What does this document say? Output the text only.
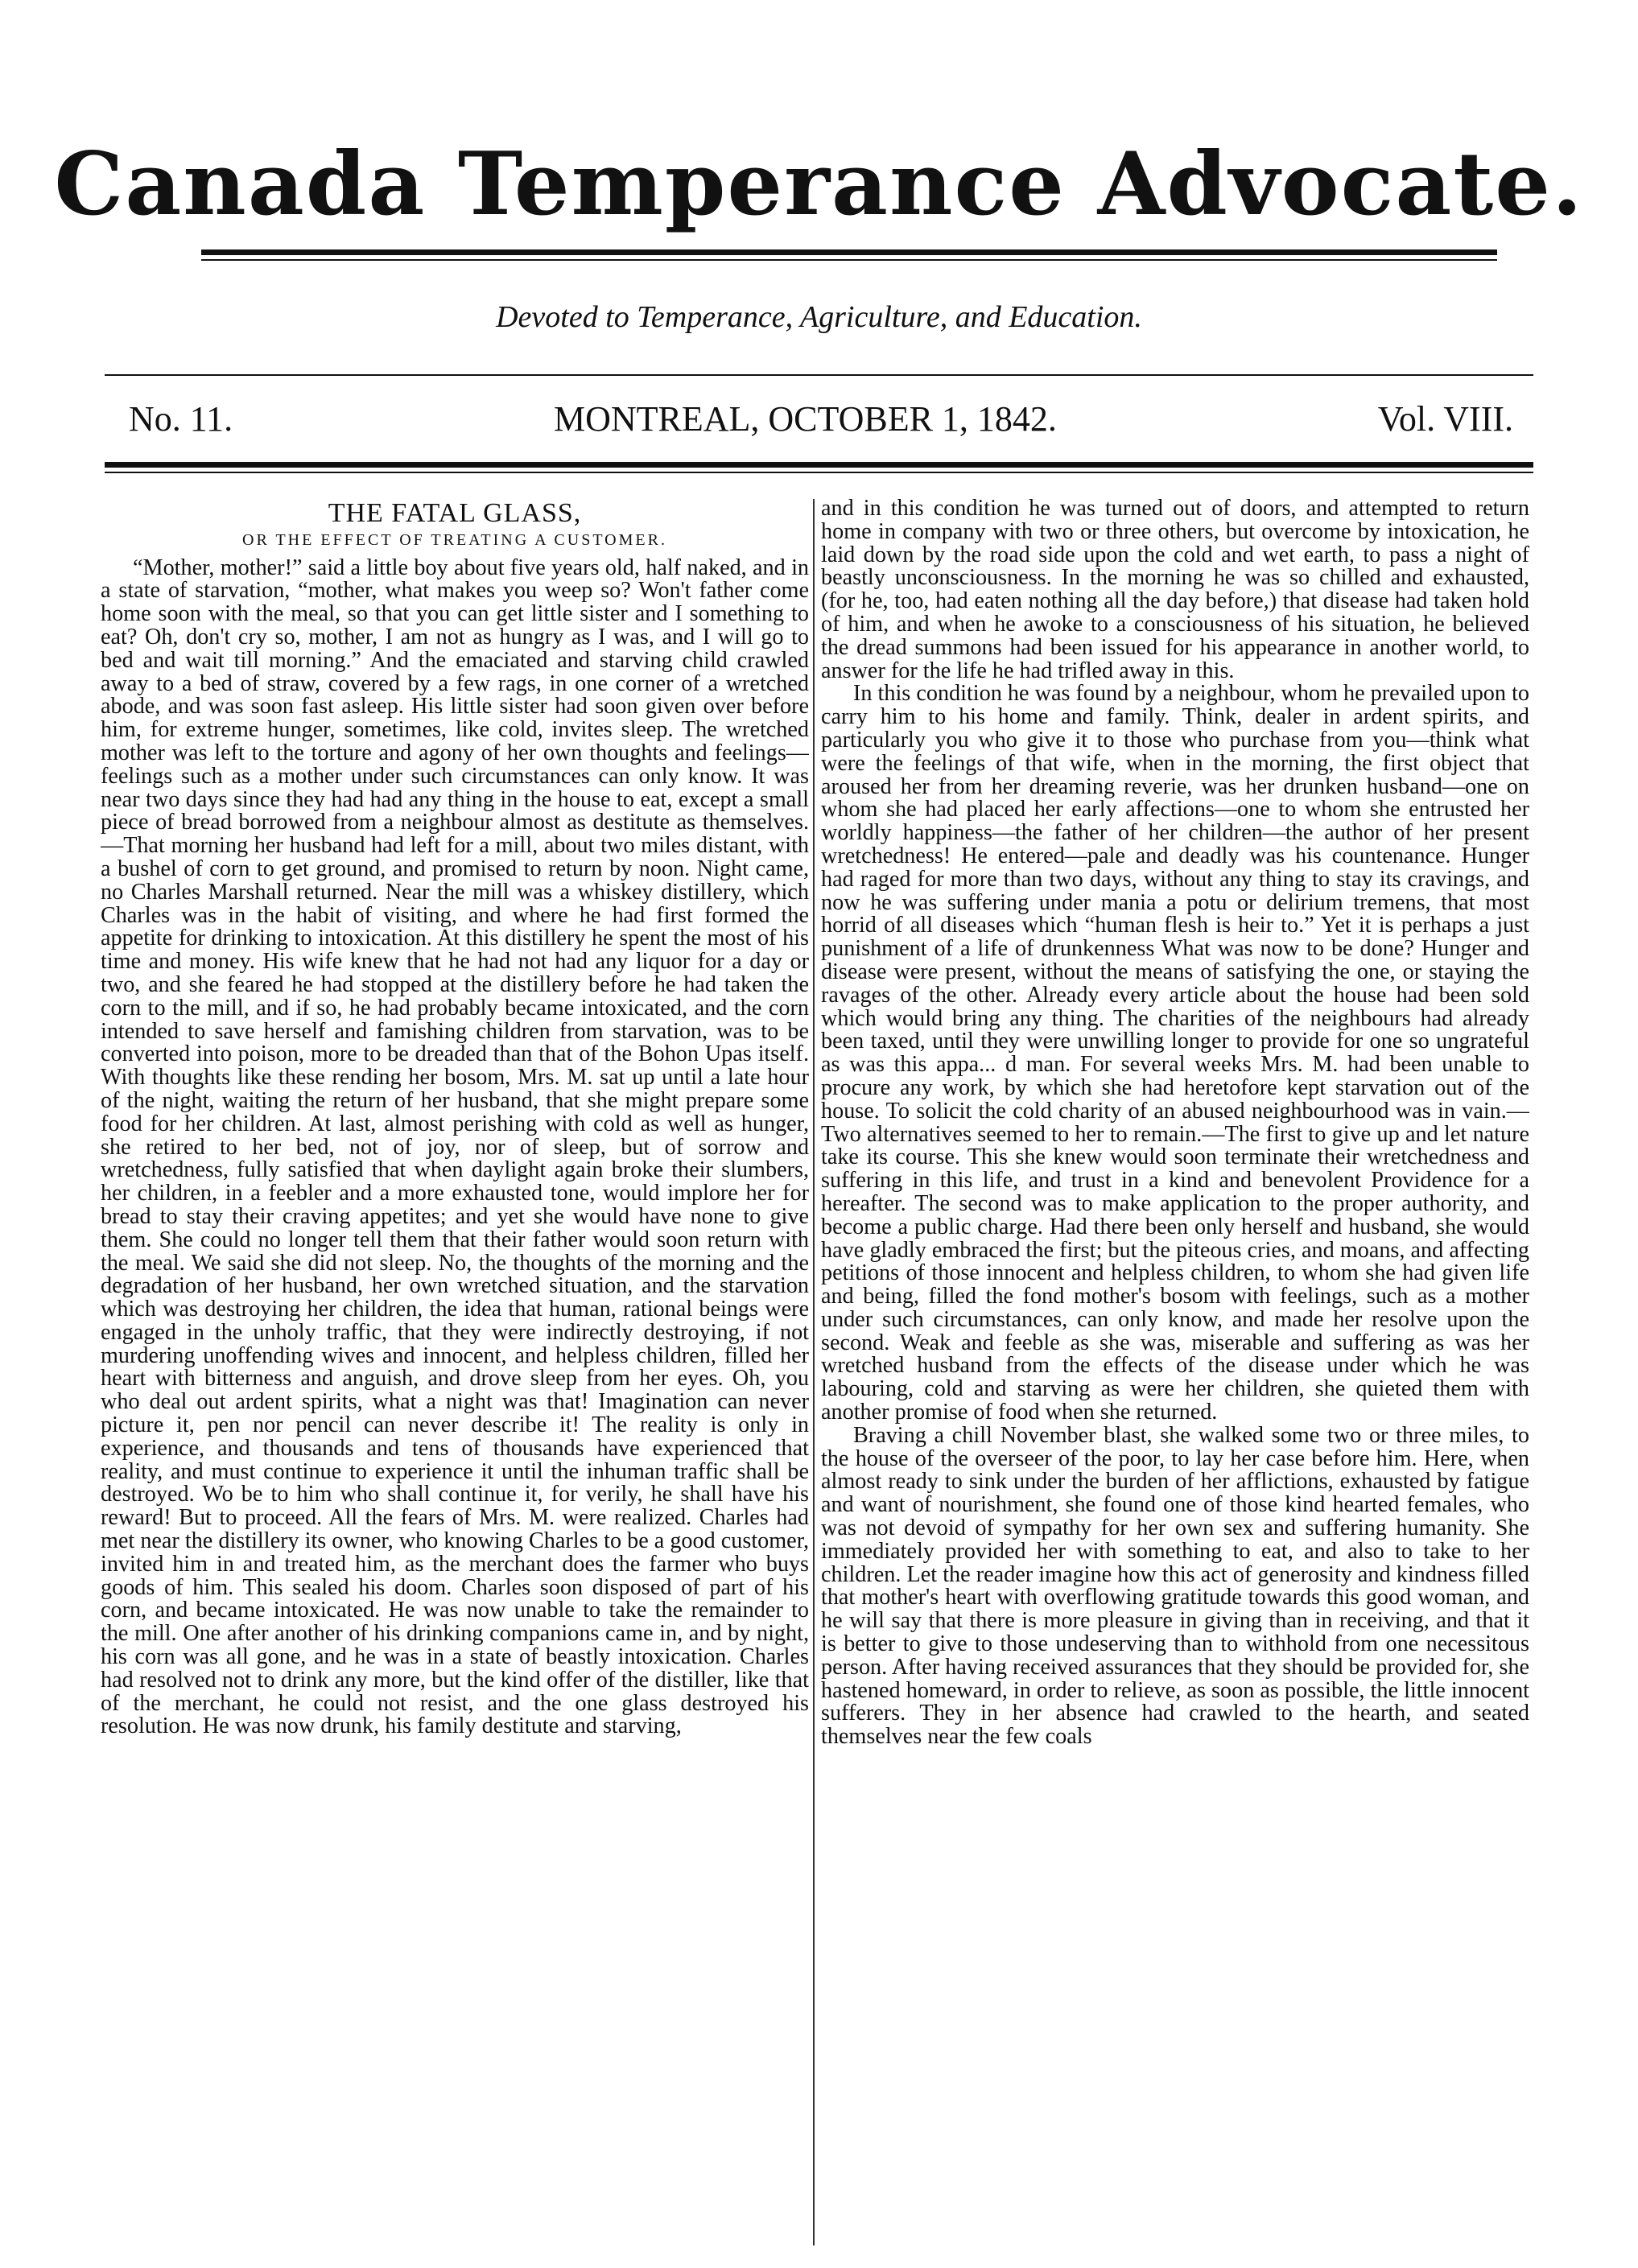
Canada Temperance Advocate.
Devoted to Temperance, Agriculture, and Education.
No. 11.	MONTREAL, OCTOBER 1, 1842.	Vol. VIII.
THE FATAL GLASS,
OR THE EFFECT OF TREATING A CUSTOMER.

“Mother, mother!” said a little boy about five years old, half naked, and in a state of starvation, “mother, what makes you weep so? Won't father come home soon with the meal, so that you can get little sister and I something to eat? Oh, don't cry so, mother, I am not as hungry as I was, and I will go to bed and wait till morning.” And the emaciated and starving child crawled away to a bed of straw, covered by a few rags, in one corner of a wretched abode, and was soon fast asleep. His little sister had soon given over before him, for extreme hunger, sometimes, like cold, invites sleep. The wretched mother was left to the torture and agony of her own thoughts and feelings—feelings such as a mother under such circumstances can only know. It was near two days since they had had any thing in the house to eat, except a small piece of bread borrowed from a neighbour almost as destitute as themselves.—That morning her husband had left for a mill, about two miles distant, with a bushel of corn to get ground, and promised to return by noon. Night came, no Charles Marshall returned. Near the mill was a whiskey distillery, which Charles was in the habit of visiting, and where he had first formed the appetite for drinking to intoxication. At this distillery he spent the most of his time and money. His wife knew that he had not had any liquor for a day or two, and she feared he had stopped at the distillery before he had taken the corn to the mill, and if so, he had probably became intoxicated, and the corn intended to save herself and famishing children from starvation, was to be converted into poison, more to be dreaded than that of the Bohon Upas itself. With thoughts like these rending her bosom, Mrs. M. sat up until a late hour of the night, waiting the return of her husband, that she might prepare some food for her children. At last, almost perishing with cold as well as hunger, she retired to her bed, not of joy, nor of sleep, but of sorrow and wretchedness, fully satisfied that when daylight again broke their slumbers, her children, in a feebler and a more exhausted tone, would implore her for bread to stay their craving appetites; and yet she would have none to give them. She could no longer tell them that their father would soon return with the meal. We said she did not sleep. No, the thoughts of the morning and the degradation of her husband, her own wretched situation, and the starvation which was destroying her children, the idea that human, rational beings were engaged in the unholy traffic, that they were indirectly destroying, if not murdering unoffending wives and innocent, and helpless children, filled her heart with bitterness and anguish, and drove sleep from her eyes. Oh, you who deal out ardent spirits, what a night was that! Imagination can never picture it, pen nor pencil can never describe it! The reality is only in experience, and thousands and tens of thousands have experienced that reality, and must continue to experience it until the inhuman traffic shall be destroyed. Wo be to him who shall continue it, for verily, he shall have his reward! But to proceed. All the fears of Mrs. M. were realized. Charles had met near the distillery its owner, who knowing Charles to be a good customer, invited him in and treated him, as the merchant does the farmer who buys goods of him. This sealed his doom. Charles soon disposed of part of his corn, and became intoxicated. He was now unable to take the remainder to the mill. One after another of his drinking companions came in, and by night, his corn was all gone, and he was in a state of beastly intoxication. Charles had resolved not to drink any more, but the kind offer of the distiller, like that of the merchant, he could not resist, and the one glass destroyed his resolution. He was now drunk, his family destitute and starving,

and in this condition he was turned out of doors, and attempted to return home in company with two or three others, but overcome by intoxication, he laid down by the road side upon the cold and wet earth, to pass a night of beastly unconsciousness. In the morning he was so chilled and exhausted, (for he, too, had eaten nothing all the day before,) that disease had taken hold of him, and when he awoke to a consciousness of his situation, he believed the dread summons had been issued for his appearance in another world, to answer for the life he had trifled away in this.

In this condition he was found by a neighbour, whom he prevailed upon to carry him to his home and family. Think, dealer in ardent spirits, and particularly you who give it to those who purchase from you—think what were the feelings of that wife, when in the morning, the first object that aroused her from her dreaming reverie, was her drunken husband—one on whom she had placed her early affections—one to whom she entrusted her worldly happiness—the father of her children—the author of her present wretchedness! He entered—pale and deadly was his countenance. Hunger had raged for more than two days, without any thing to stay its cravings, and now he was suffering under mania a potu or delirium tremens, that most horrid of all diseases which “human flesh is heir to.” Yet it is perhaps a just punishment of a life of drunkenness What was now to be done? Hunger and disease were present, without the means of satisfying the one, or staying the ravages of the other. Already every article about the house had been sold which would bring any thing. The charities of the neighbours had already been taxed, until they were unwilling longer to provide for one so ungrateful as was this appa... d man. For several weeks Mrs. M. had been unable to procure any work, by which she had heretofore kept starvation out of the house. To solicit the cold charity of an abused neighbourhood was in vain.—Two alternatives seemed to her to remain.—The first to give up and let nature take its course. This she knew would soon terminate their wretchedness and suffering in this life, and trust in a kind and benevolent Providence for a hereafter. The second was to make application to the proper authority, and become a public charge. Had there been only herself and husband, she would have gladly embraced the first; but the piteous cries, and moans, and affecting petitions of those innocent and helpless children, to whom she had given life and being, filled the fond mother's bosom with feelings, such as a mother under such circumstances, can only know, and made her resolve upon the second. Weak and feeble as she was, miserable and suffering as was her wretched husband from the effects of the disease under which he was labouring, cold and starving as were her children, she quieted them with another promise of food when she returned.

Braving a chill November blast, she walked some two or three miles, to the house of the overseer of the poor, to lay her case before him. Here, when almost ready to sink under the burden of her afflictions, exhausted by fatigue and want of nourishment, she found one of those kind hearted females, who was not devoid of sympathy for her own sex and suffering humanity. She immediately provided her with something to eat, and also to take to her children. Let the reader imagine how this act of generosity and kindness filled that mother's heart with overflowing gratitude towards this good woman, and he will say that there is more pleasure in giving than in receiving, and that it is better to give to those undeserving than to withhold from one necessitous person. After having received assurances that they should be provided for, she hastened homeward, in order to relieve, as soon as possible, the little innocent sufferers. They in her absence had crawled to the hearth, and seated themselves near the few coals
